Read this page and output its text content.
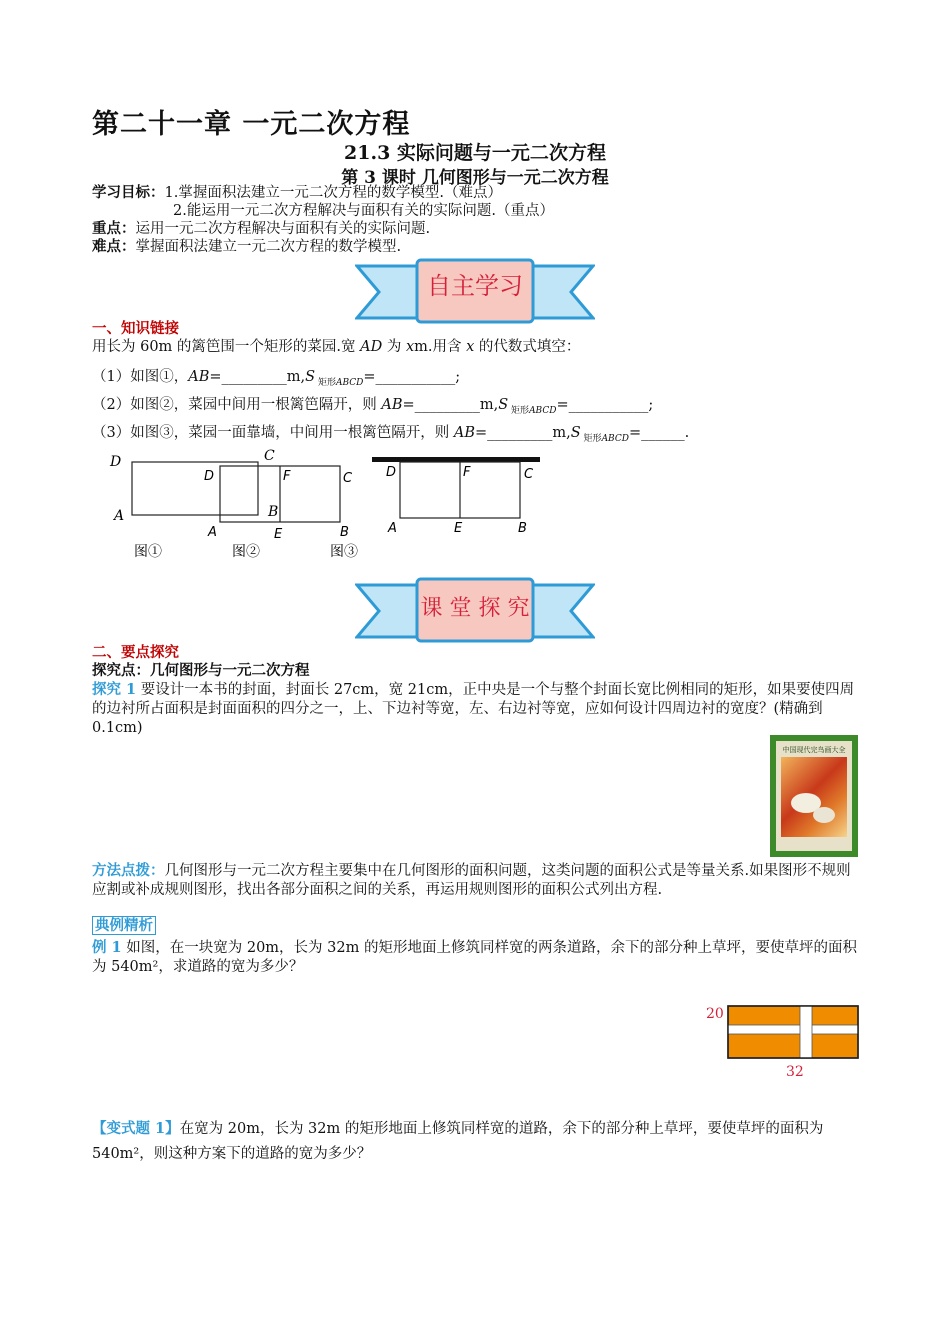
第二十一章 一元二次方程
21.3 实际问题与一元二次方程
第 3 课时 几何图形与一元二次方程
学习目标：1.掌握面积法建立一元二次方程的数学模型.（难点）
2.能运用一元二次方程解决与面积有关的实际问题.（重点）
重点：运用一元二次方程解决与面积有关的实际问题.
难点：掌握面积法建立一元二次方程的数学模型.
自主学习
一、知识链接
用长为 60m 的篱笆围一个矩形的菜园.宽 AD 为 xm.用含 x 的代数式填空：
（1）如图①，AB=_________m,S $_{矩形ABCD}$=___________;
（2）如图②，菜园中间用一根篱笆隔开，则 AB=_________m,S $_{矩形ABCD}$=___________;
（3）如图③，菜园一面靠墙，中间用一根篱笆隔开，则 AB=_________m,S $_{矩形ABCD}$=______.
D	C
A	B
图①
D	F	C
A	E	B
图②	图③
D	F	C
A	E	B
课 堂 探 究
二、要点探究
探究点：几何图形与一元二次方程
探究 1 要设计一本书的封面，封面长 27cm，宽 21cm，正中央是一个与整个封面长宽比例相同的矩形，如果要使四周的边衬所占面积是封面面积的四分之一，上、下边衬等宽，左、右边衬等宽，应如何设计四周边衬的宽度？(精确到 0.1cm)
中国现代完鸟画大全
方法点拨：几何图形与一元二次方程主要集中在几何图形的面积问题，这类问题的面积公式是等量关系.如果图形不规则应割或补成规则图形，找出各部分面积之间的关系，再运用规则图形的面积公式列出方程.
典例精析
例 1 如图，在一块宽为 20m，长为 32m 的矩形地面上修筑同样宽的两条道路，余下的部分种上草坪，要使草坪的面积为 540m²，求道路的宽为多少？
20
32
【变式题 1】在宽为 20m，长为 32m 的矩形地面上修筑同样宽的道路，余下的部分种上草坪，要使草坪的面积为 540m²，则这种方案下的道路的宽为多少？
